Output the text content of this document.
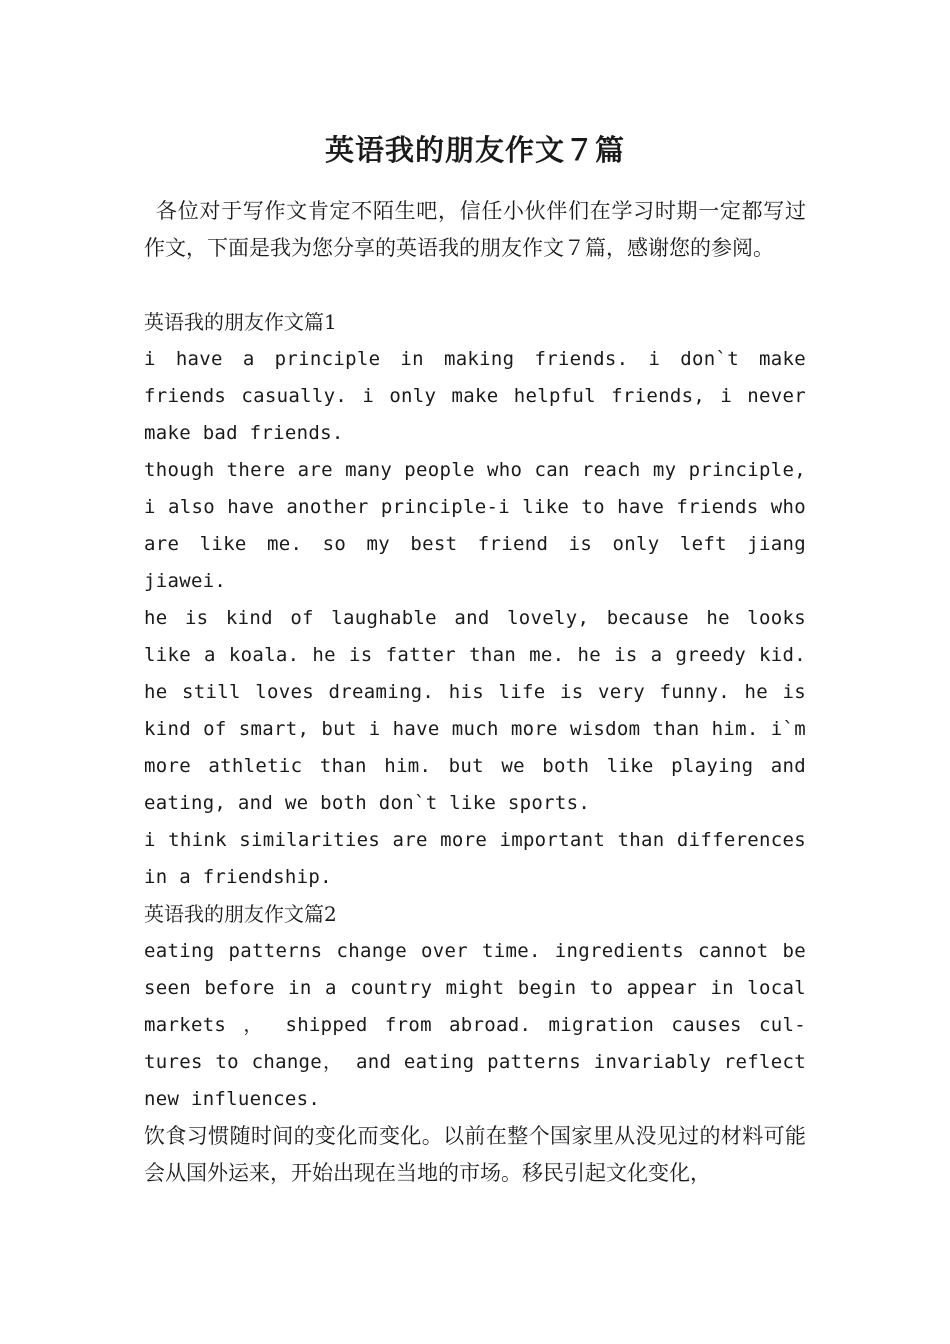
英语我的朋友作文７篇

各位对于写作文肯定不陌生吧，信任小伙伴们在学习时期一定都写过作文，下面是我为您分享的英语我的朋友作文７篇，感谢您的参阅。

英语我的朋友作文篇1

i have a principle in making friends. i don`t make friends casually. i only make helpful friends, i never make bad friends.

though there are many people who can reach my principle, i also have another principle-i like to have friends who are like me. so my best friend is only left jiang jiawei.

he is kind of laughable and lovely, because he looks like a koala. he is fatter than me. he is a greedy kid. he still loves dreaming. his life is very funny. he is kind of smart, but i have much more wisdom than him. i`m more athletic than him. but we both like playing and eating, and we both don`t like sports.

i think similarities are more important than differences in a friendship.

英语我的朋友作文篇2

eating patterns change over time. ingredients cannot be seen before in a country might begin to appear in local markets ， shipped from abroad. migration causes cul-tures to change， and eating patterns invariably reflect new influences.

饮食习惯随时间的变化而变化。以前在整个国家里从没见过的材料可能会从国外运来，开始出现在当地的市场。移民引起文化变化，
